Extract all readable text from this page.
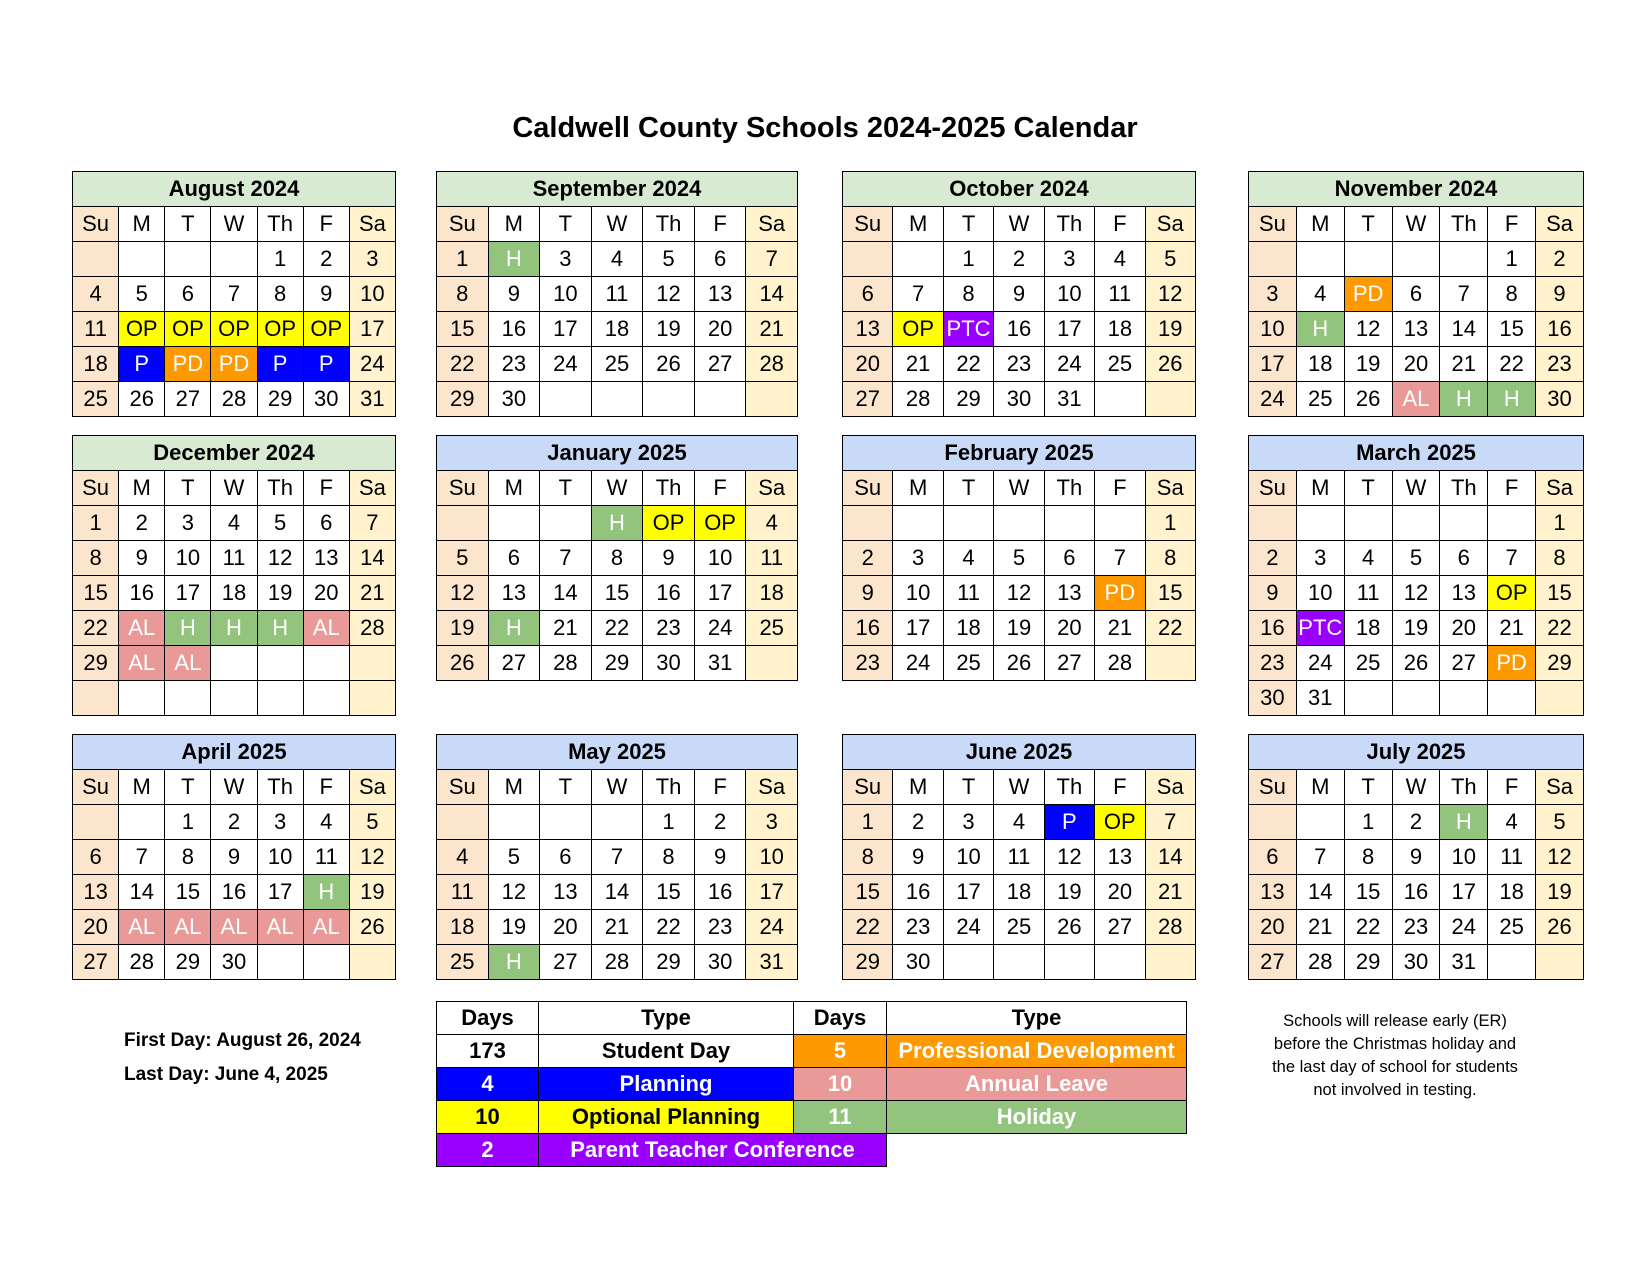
Caldwell County Schools 2024-2025 Calendar
August 2024						
Su	M	T	W	Th	F	Sa
				1	2	3
4	5	6	7	8	9	10
11	OP	OP	OP	OP	OP	17
18	P	PD	PD	P	P	24
25	26	27	28	29	30	31
September 2024						
Su	M	T	W	Th	F	Sa
1	H	3	4	5	6	7
8	9	10	11	12	13	14
15	16	17	18	19	20	21
22	23	24	25	26	27	28
29	30					
October 2024						
Su	M	T	W	Th	F	Sa
		1	2	3	4	5
6	7	8	9	10	11	12
13	OP	PTC	16	17	18	19
20	21	22	23	24	25	26
27	28	29	30	31		
November 2024						
Su	M	T	W	Th	F	Sa
					1	2
3	4	PD	6	7	8	9
10	H	12	13	14	15	16
17	18	19	20	21	22	23
24	25	26	AL	H	H	30
December 2024						
Su	M	T	W	Th	F	Sa
1	2	3	4	5	6	7
8	9	10	11	12	13	14
15	16	17	18	19	20	21
22	AL	H	H	H	AL	28
29	AL	AL				

January 2025						
Su	M	T	W	Th	F	Sa
			H	OP	OP	4
5	6	7	8	9	10	11
12	13	14	15	16	17	18
19	H	21	22	23	24	25
26	27	28	29	30	31	
February 2025						
Su	M	T	W	Th	F	Sa
						1
2	3	4	5	6	7	8
9	10	11	12	13	PD	15
16	17	18	19	20	21	22
23	24	25	26	27	28	
March 2025						
Su	M	T	W	Th	F	Sa
						1
2	3	4	5	6	7	8
9	10	11	12	13	OP	15
16	PTC	18	19	20	21	22
23	24	25	26	27	PD	29
30	31					
April 2025						
Su	M	T	W	Th	F	Sa
		1	2	3	4	5
6	7	8	9	10	11	12
13	14	15	16	17	H	19
20	AL	AL	AL	AL	AL	26
27	28	29	30			
May 2025						
Su	M	T	W	Th	F	Sa
				1	2	3
4	5	6	7	8	9	10
11	12	13	14	15	16	17
18	19	20	21	22	23	24
25	H	27	28	29	30	31
June 2025						
Su	M	T	W	Th	F	Sa
1	2	3	4	P	OP	7
8	9	10	11	12	13	14
15	16	17	18	19	20	21
22	23	24	25	26	27	28
29	30					
July 2025						
Su	M	T	W	Th	F	Sa
		1	2	H	4	5
6	7	8	9	10	11	12
13	14	15	16	17	18	19
20	21	22	23	24	25	26
27	28	29	30	31		
First Day: August 26, 2024
Last Day: June 4, 2025
Days	Type	Days	Type
173	Student Day	5	Professional Development
4	Planning	10	Annual Leave
10	Optional Planning	11	Holiday
2	Parent Teacher Conference		
Schools will release early (ER)
before the Christmas holiday and
the last day of school for students
not involved in testing.
